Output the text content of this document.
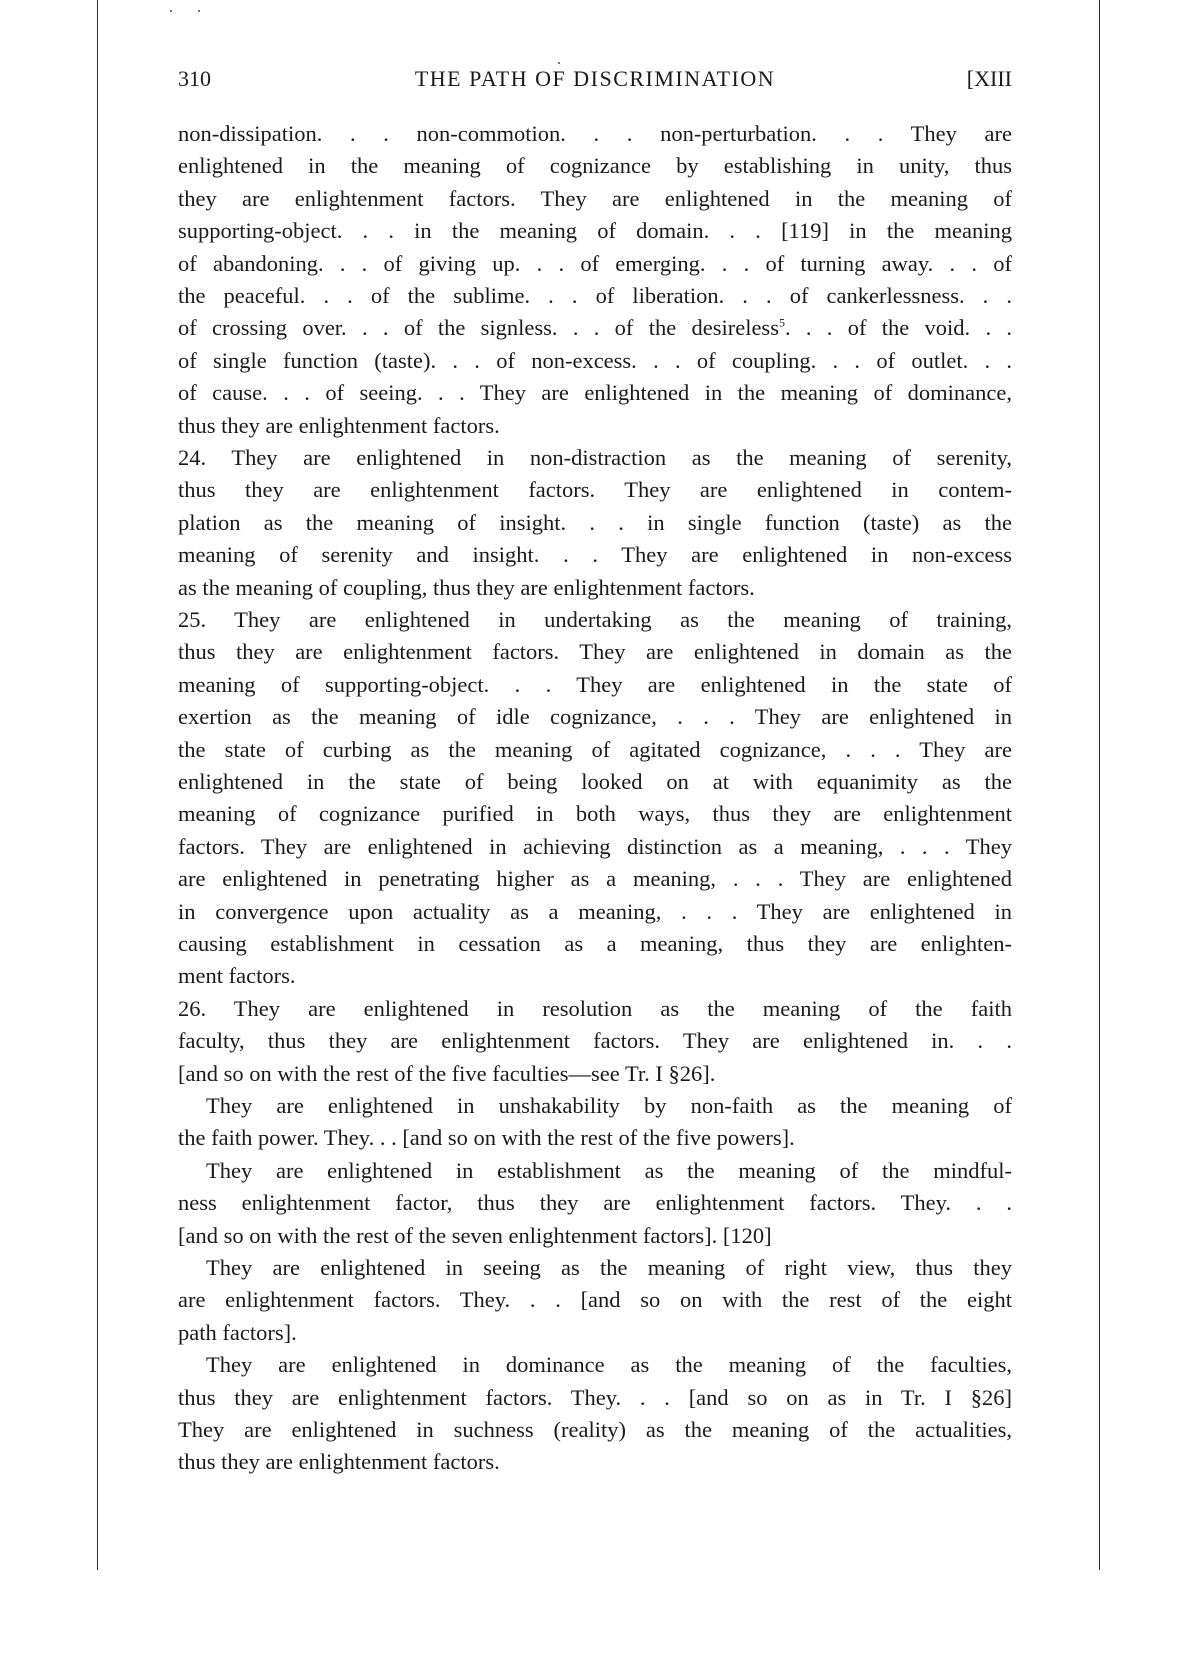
310	THE PATH OF DISCRIMINATION	[XIII
non-dissipation. . . non-commotion. . . non-perturbation. . . They are
enlightened in the meaning of cognizance by establishing in unity, thus
they are enlightenment factors. They are enlightened in the meaning of
supporting-object. . . in the meaning of domain. . . [119] in the meaning
of abandoning. . . of giving up. . . of emerging. . . of turning away. . . of
the peaceful. . . of the sublime. . . of liberation. . . of cankerlessness. . .
of crossing over. . . of the signless. . . of the desireless$^5$. . . of the void. . .
of single function (taste). . . of non-excess. . . of coupling. . . of outlet. . .
of cause. . . of seeing. . . They are enlightened in the meaning of dominance,
thus they are enlightenment factors.
24. They are enlightened in non-distraction as the meaning of serenity,
thus they are enlightenment factors. They are enlightened in contem-
plation as the meaning of insight. . . in single function (taste) as the
meaning of serenity and insight. . . They are enlightened in non-excess
as the meaning of coupling, thus they are enlightenment factors.
25. They are enlightened in undertaking as the meaning of training,
thus they are enlightenment factors. They are enlightened in domain as the
meaning of supporting-object. . . They are enlightened in the state of
exertion as the meaning of idle cognizance, . . . They are enlightened in
the state of curbing as the meaning of agitated cognizance, . . . They are
enlightened in the state of being looked on at with equanimity as the
meaning of cognizance purified in both ways, thus they are enlightenment
factors. They are enlightened in achieving distinction as a meaning, . . . They
are enlightened in penetrating higher as a meaning, . . . They are enlightened
in convergence upon actuality as a meaning, . . . They are enlightened in
causing establishment in cessation as a meaning, thus they are enlighten-
ment factors.
26. They are enlightened in resolution as the meaning of the faith
faculty, thus they are enlightenment factors. They are enlightened in. . .
[and so on with the rest of the five faculties—see Tr. I §26].
They are enlightened in unshakability by non-faith as the meaning of
the faith power. They. . . [and so on with the rest of the five powers].
They are enlightened in establishment as the meaning of the mindful-
ness enlightenment factor, thus they are enlightenment factors. They. . .
[and so on with the rest of the seven enlightenment factors]. [120]
They are enlightened in seeing as the meaning of right view, thus they
are enlightenment factors. They. . . [and so on with the rest of the eight
path factors].
They are enlightened in dominance as the meaning of the faculties,
thus they are enlightenment factors. They. . . [and so on as in Tr. I §26]
They are enlightened in suchness (reality) as the meaning of the actualities,
thus they are enlightenment factors.
